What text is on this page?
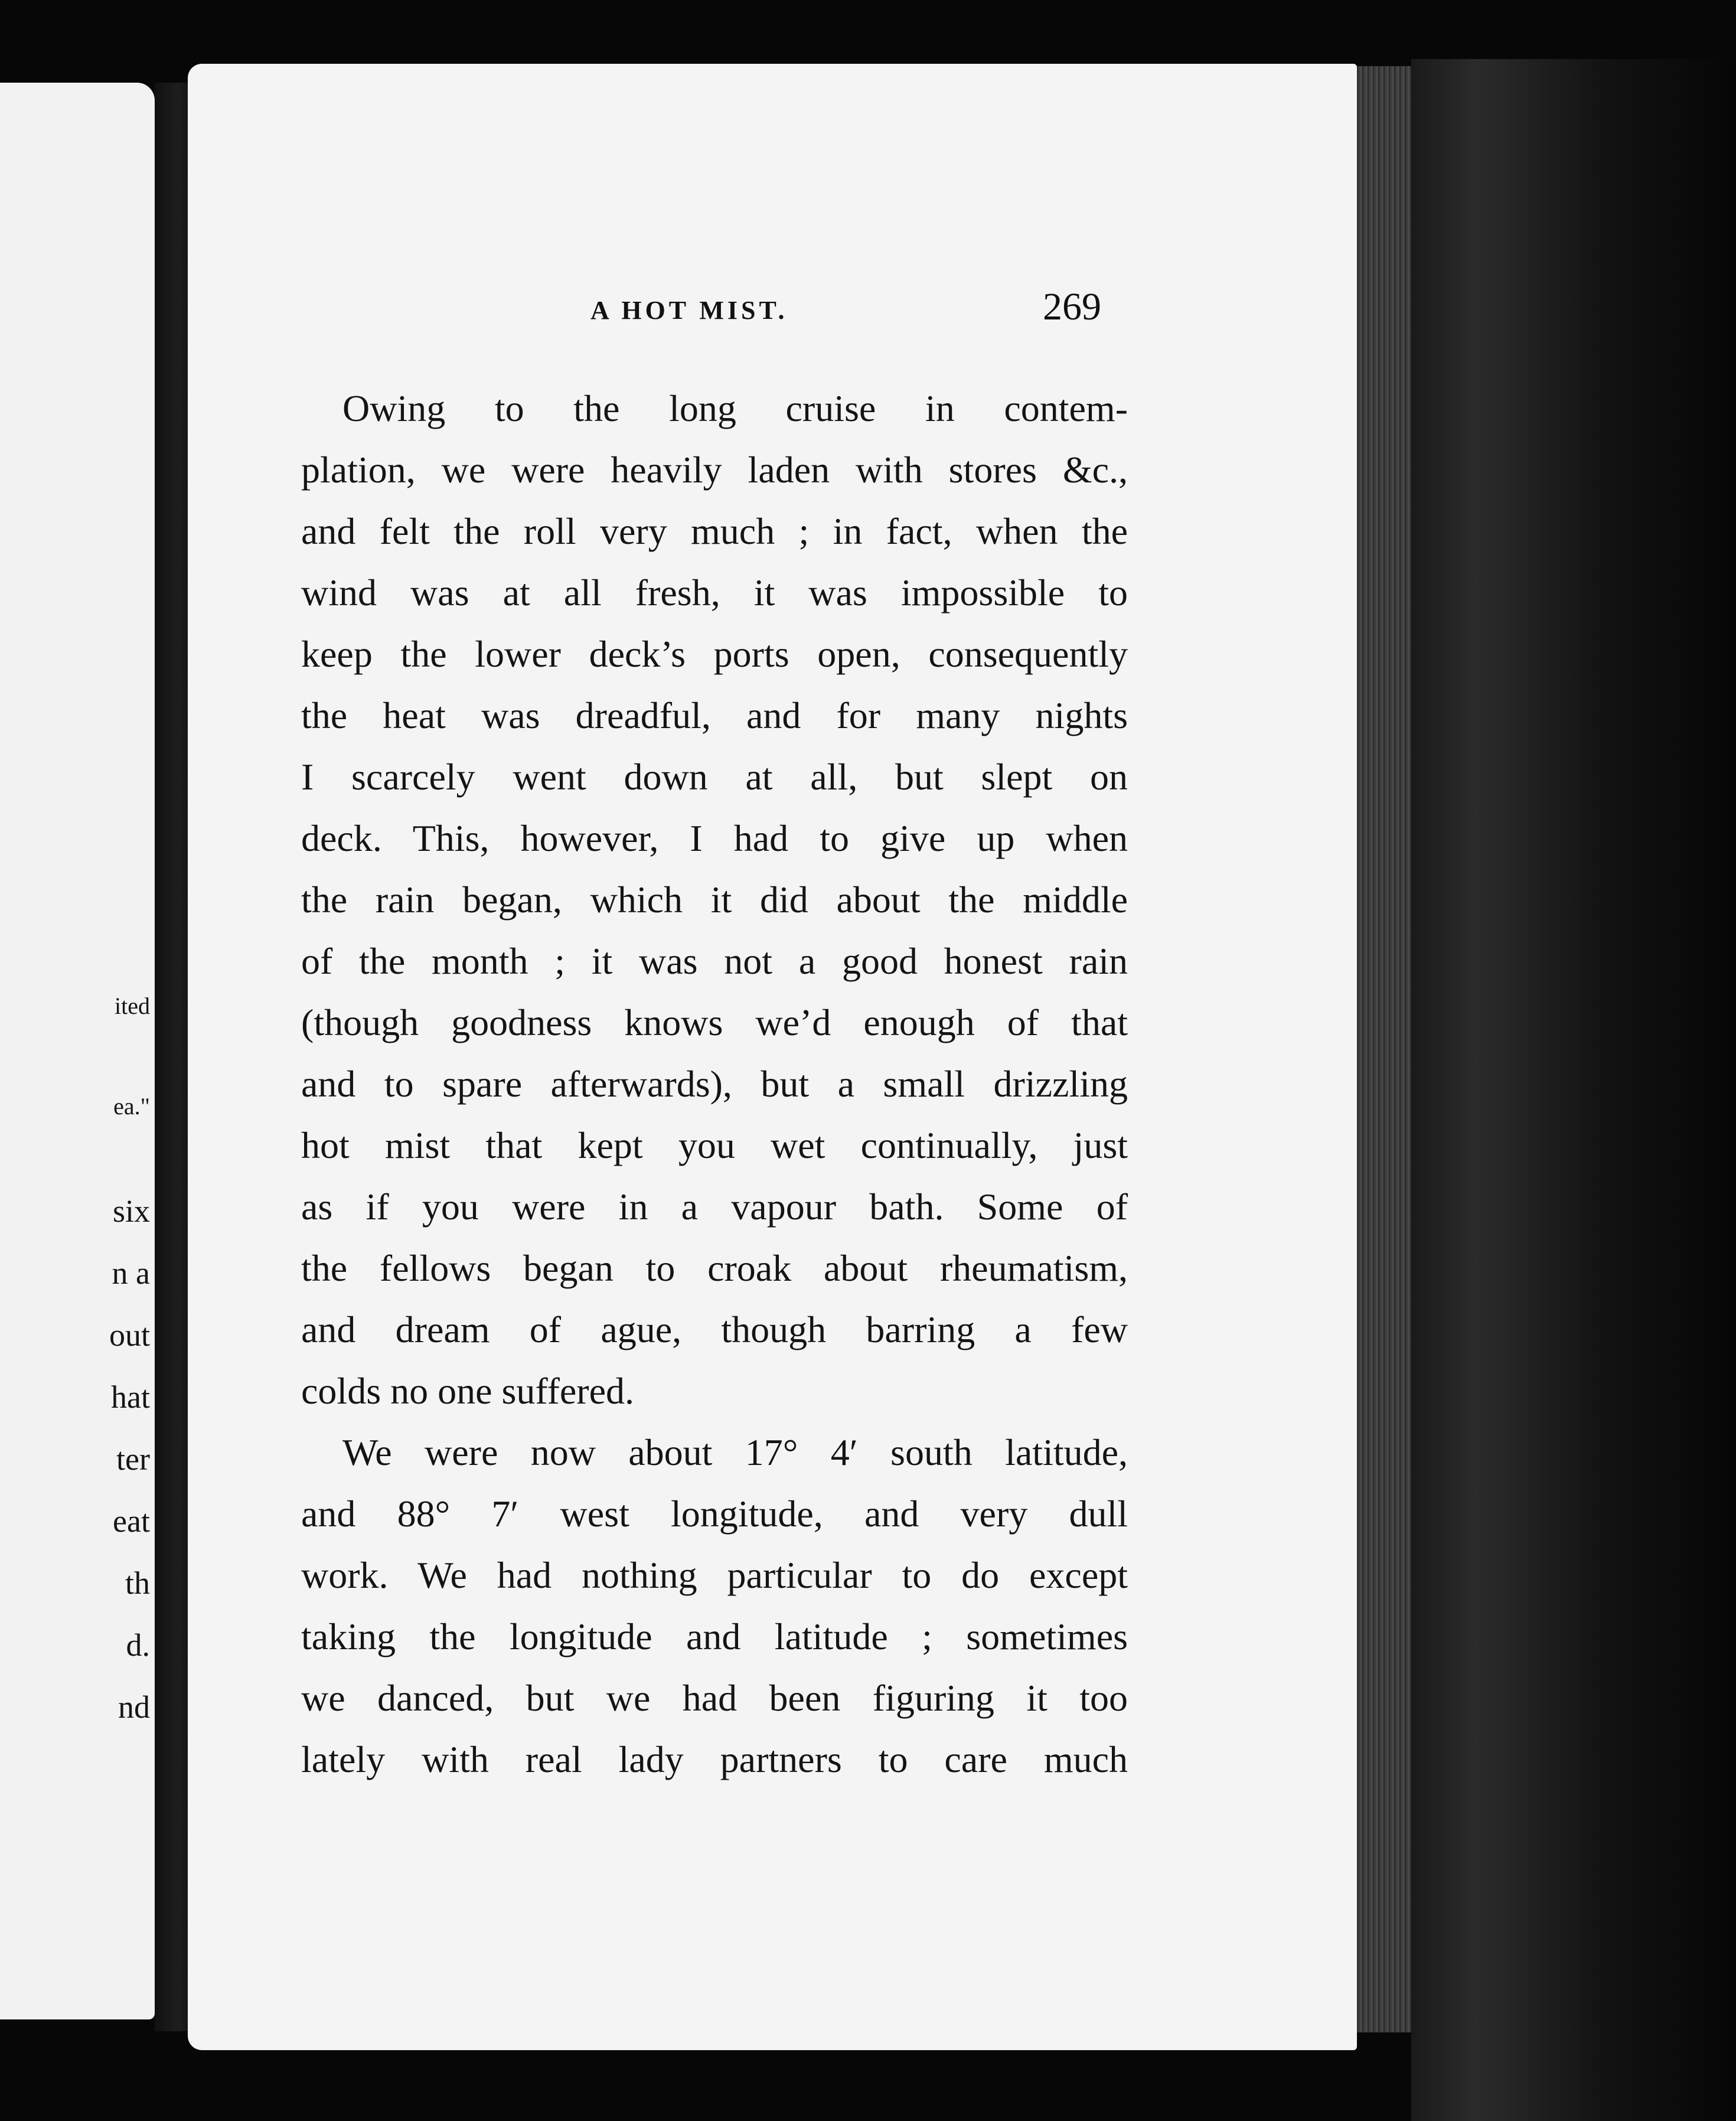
ited
ea."
six
n a
out
hat
ter
eat
th
d.
nd
A HOT MIST.	269

Owing to the long cruise in contem-
plation, we were heavily laden with stores &c.,
and felt the roll very much ; in fact, when the
wind was at all fresh, it was impossible to
keep the lower deck’s ports open, consequently
the heat was dreadful, and for many nights
I scarcely went down at all, but slept on
deck. This, however, I had to give up when
the rain began, which it did about the middle
of the month ; it was not a good honest rain
(though goodness knows we’d enough of that
and to spare afterwards), but a small drizzling
hot mist that kept you wet continually, just
as if you were in a vapour bath. Some of
the fellows began to croak about rheumatism,
and dream of ague, though barring a few
colds no one suffered.

We were now about 17° 4′ south latitude,
and 88° 7′ west longitude, and very dull
work. We had nothing particular to do except
taking the longitude and latitude ; sometimes
we danced, but we had been figuring it too
lately with real lady partners to care much
